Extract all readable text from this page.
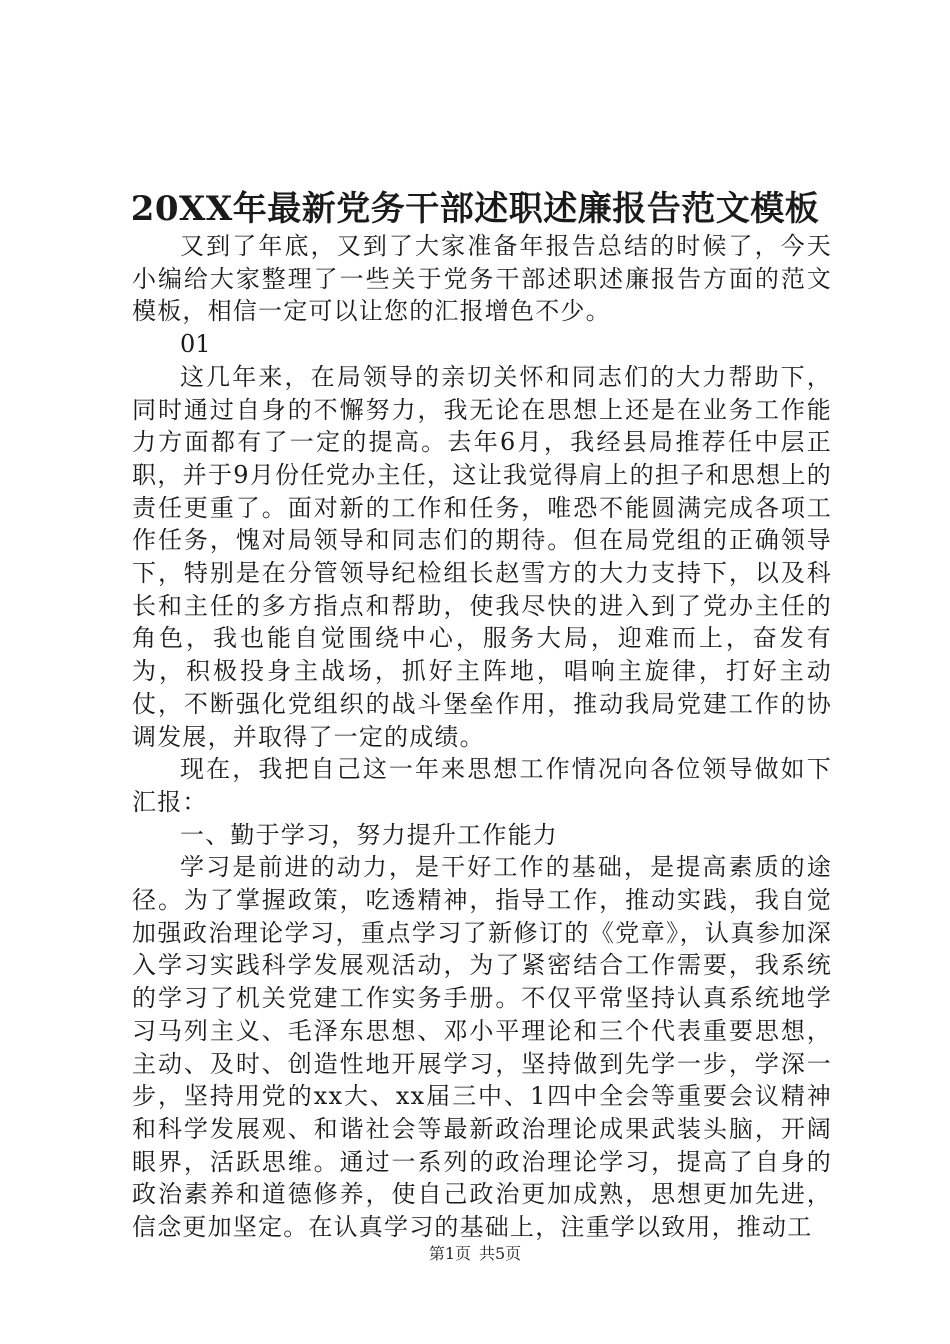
20XX年最新党务干部述职述廉报告范文模板

又到了年底，又到了大家准备年报告总结的时候了，今天小编给大家整理了一些关于党务干部述职述廉报告方面的范文模板，相信一定可以让您的汇报增色不少。

01

这几年来，在局领导的亲切关怀和同志们的大力帮助下，同时通过自身的不懈努力，我无论在思想上还是在业务工作能力方面都有了一定的提高。去年6月，我经县局推荐任中层正职，并于9月份任党办主任，这让我觉得肩上的担子和思想上的责任更重了。面对新的工作和任务，唯恐不能圆满完成各项工作任务，愧对局领导和同志们的期待。但在局党组的正确领导下，特别是在分管领导纪检组长赵雪方的大力支持下，以及科长和主任的多方指点和帮助，使我尽快的进入到了党办主任的角色，我也能自觉围绕中心，服务大局，迎难而上，奋发有为，积极投身主战场，抓好主阵地，唱响主旋律，打好主动仗，不断强化党组织的战斗堡垒作用，推动我局党建工作的协调发展，并取得了一定的成绩。

现在，我把自己这一年来思想工作情况向各位领导做如下汇报：

一、勤于学习，努力提升工作能力

学习是前进的动力，是干好工作的基础，是提高素质的途径。为了掌握政策，吃透精神，指导工作，推动实践，我自觉加强政治理论学习，重点学习了新修订的《党章》，认真参加深入学习实践科学发展观活动，为了紧密结合工作需要，我系统的学习了机关党建工作实务手册。不仅平常坚持认真系统地学习马列主义、毛泽东思想、邓小平理论和三个代表重要思想，主动、及时、创造性地开展学习，坚持做到先学一步，学深一步，坚持用党的xx大、xx届三中、1四中全会等重要会议精神和科学发展观、和谐社会等最新政治理论成果武装头脑，开阔眼界，活跃思维。通过一系列的政治理论学习，提高了自身的政治素养和道德修养，使自己政治更加成熟，思想更加先进，信念更加坚定。在认真学习的基础上，注重学以致用，推动工

第1页 共5页
